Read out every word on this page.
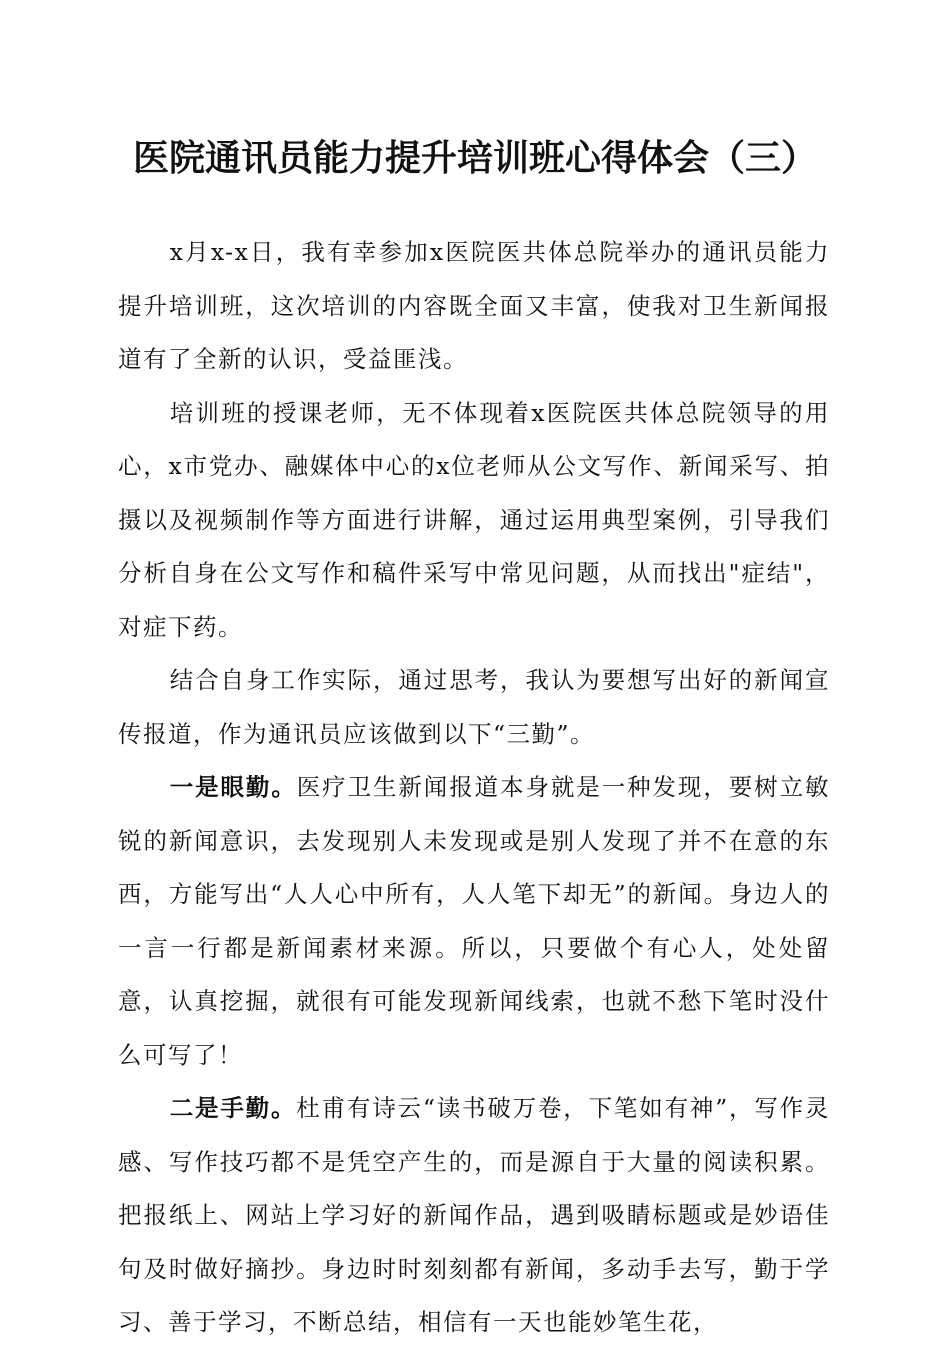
医院通讯员能力提升培训班心得体会（三）

x月x-x日，我有幸参加x医院医共体总院举办的通讯员能力提升培训班，这次培训的内容既全面又丰富，使我对卫生新闻报道有了全新的认识，受益匪浅。

培训班的授课老师，无不体现着x医院医共体总院领导的用心，x市党办、融媒体中心的x位老师从公文写作、新闻采写、拍摄以及视频制作等方面进行讲解，通过运用典型案例，引导我们分析自身在公文写作和稿件采写中常见问题，从而找出"症结"，对症下药。

结合自身工作实际，通过思考，我认为要想写出好的新闻宣传报道，作为通讯员应该做到以下“三勤”。

一是眼勤。医疗卫生新闻报道本身就是一种发现，要树立敏锐的新闻意识，去发现别人未发现或是别人发现了并不在意的东西，方能写出“人人心中所有，人人笔下却无”的新闻。身边人的一言一行都是新闻素材来源。所以，只要做个有心人，处处留意，认真挖掘，就很有可能发现新闻线索，也就不愁下笔时没什么可写了！

二是手勤。杜甫有诗云“读书破万卷，下笔如有神”，写作灵感、写作技巧都不是凭空产生的，而是源自于大量的阅读积累。把报纸上、网站上学习好的新闻作品，遇到吸睛标题或是妙语佳句及时做好摘抄。身边时时刻刻都有新闻，多动手去写，勤于学习、善于学习，不断总结，相信有一天也能妙笔生花，
